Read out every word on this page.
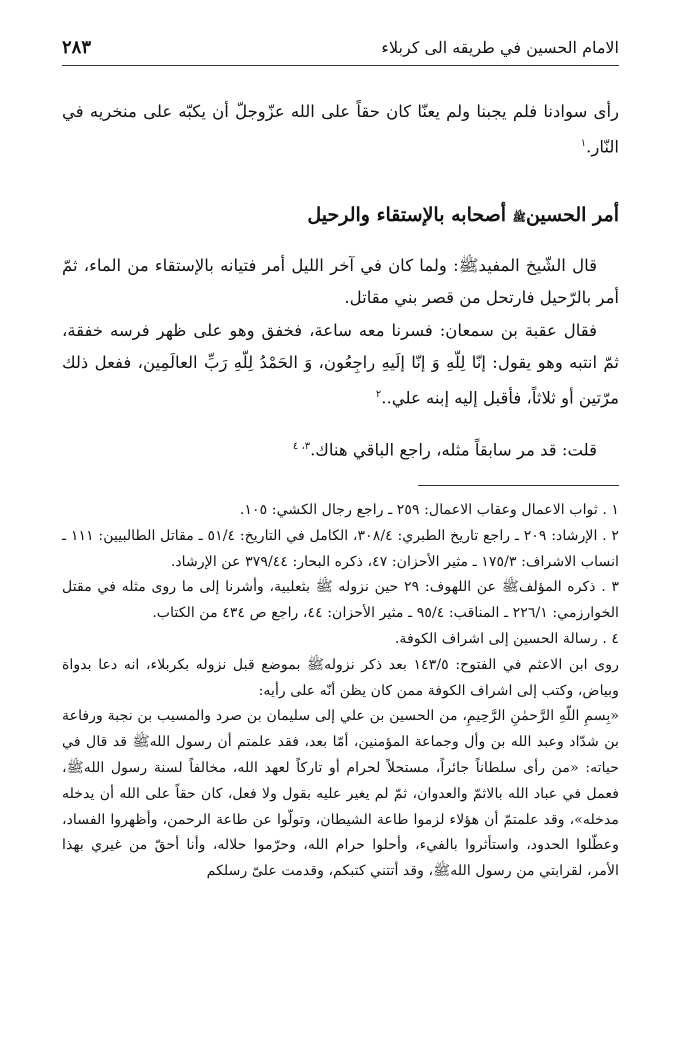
الامام الحسين في طريقه الى كربلاء
٢٨٣
رأى سوادنا فلم يجبنا ولم يعنّا كان حقاً على الله عزّوجلّ أن يكبّه على منخريه في النّار.$^١$
أمر الحسينﷺ أصحابه بالإستقاء والرحيل
قال الشّيخ المفيدﷺ: ولما كان في آخر الليل أمر فتيانه بالإستقاء من الماء، ثمّ أمر بالرّحيل فارتحل من قصر بني مقاتل.
فقال عقبة بن سمعان: فسرنا معه ساعة، فخفق وهو على ظهر فرسه خفقة، ثمّ انتبه وهو يقول: إنّا لِلّهِ وَ إنّا إلَيهِ راجِعُون، وَ الحَمْدُ لِلّهِ رَبِّ العالَمِين، ففعل ذلك مرّتين أو ثلاثاً، فأقبل إليه إبنه علي..$^٢$
قلت: قد مر سابقاً مثله، راجع الباقي هناك.$^{٣، ٤}$

١ . ثواب الاعمال وعقاب الاعمال: ٢٥٩ ـ راجع رجال الكشي: ١٠٥.

٢ . الإرشاد: ٢٠٩ ـ راجع تاريخ الطبري: ٣٠٨/٤، الكامل في التاريخ: ٥١/٤ ـ مقاتل الطالبيين: ١١١ ـ انساب الاشراف: ١٧٥/٣ ـ مثير الأحزان: ٤٧، ذكره البحار: ٣٧٩/٤٤ عن الإرشاد.

٣ . ذكره المؤلفﷺ عن اللهوف: ٢٩ حين نزوله ﷺ بثعلبية، وأشرنا إلى ما روى مثله في مقتل الخوارزمي: ٢٢٦/١ ـ المناقب: ٩٥/٤ ـ مثير الأحزان: ٤٤، راجع ص ٤٣٤ من الكتاب.

٤ . رسالة الحسين إلى اشراف الكوفة.

روى ابن الاعثم في الفتوح: ١٤٣/٥ بعد ذكر نزولهﷺ بموضع قبل نزوله بكربلاء، انه دعا بدواة وبياض، وكتب إلى اشراف الكوفة ممن كان يظن أنّه على رأيه:

«بِسمِ اللّهِ الرَّحمٰنِ الرَّحِيمِ، من الحسين بن علي إلى سليمان بن صرد والمسيب بن نجبة ورفاعة بن شدّاد وعبد الله بن وأل وجماعة المؤمنين، أمّا بعد، فقد علمتم أن رسول اللهﷺ قد قال في حياته: «من رأى سلطاناً جائراً، مستحلاً لحرام أو تاركاً لعهد الله، مخالفاً لسنة رسول اللهﷺ، فعمل في عباد الله بالاثمّ والعدوان، ثمّ لم يغير عليه بقول ولا فعل، كان حقاً على الله أن يدخله مدخله»، وقد علمتمّ أن هؤلاء لزموا طاعة الشيطان، وتولّوا عن طاعة الرحمن، وأظهروا الفساد، وعطّلوا الحدود، واستأثروا بالفيء، وأحلوا حرام الله، وحرّموا حلاله، وأنا أحقّ من غيري بهذا الأمر، لقرابتي من رسول اللهﷺ، وقد أتتني كتبكم، وقدمت علىّ رسلكم
